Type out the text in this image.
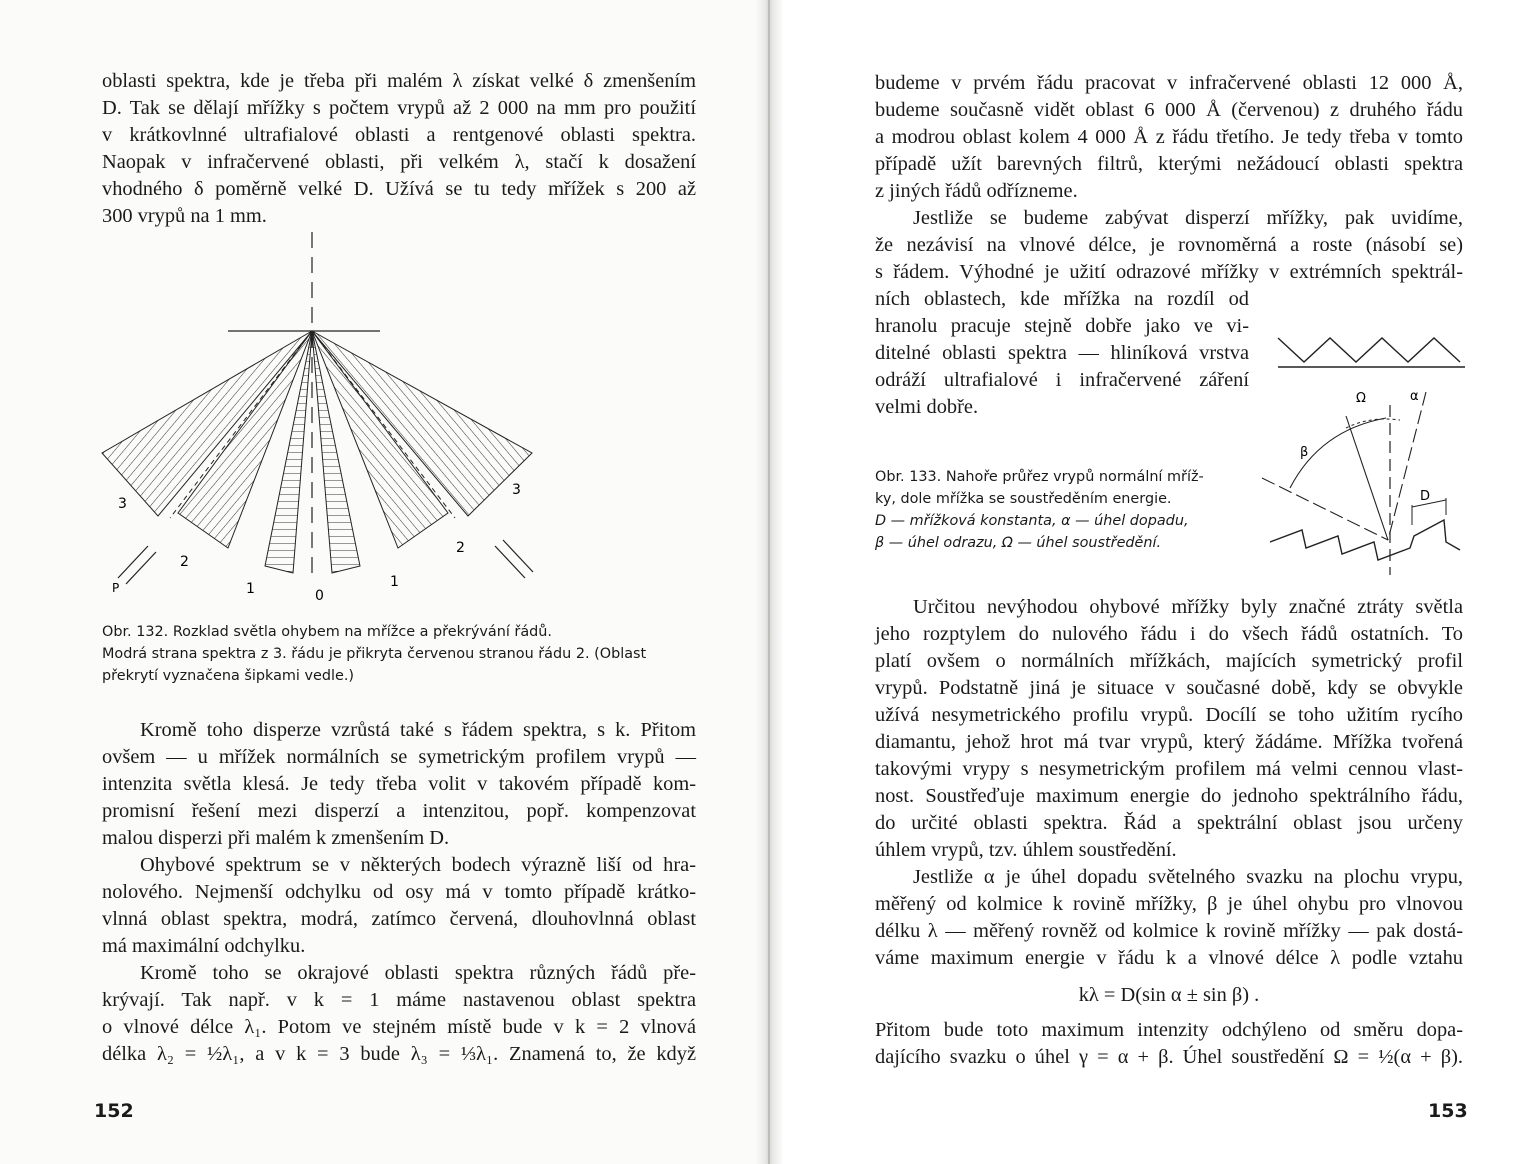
oblasti spektra, kde je třeba při malém λ získat velké δ zmenšením
D. Tak se dělají mřížky s počtem vrypů až 2 000 na mm pro použití
v krátkovlnné ultrafialové oblasti a rentgenové oblasti spektra.
Naopak v infračervené oblasti, při velkém λ, stačí k dosažení
vhodného δ poměrně velké D. Užívá se tu tedy mřížek s 200 až
300 vrypů na 1 mm.

3
2
1	0
1
2
3
P

Obr. 132. Rozklad světla ohybem na mřížce a překrývání řádů.

Modrá strana spektra z 3. řádu je přikryta červenou stranou řádu 2. (Oblast

překrytí vyznačena šipkami vedle.)

Kromě toho disperze vzrůstá také s řádem spektra, s k. Přitom
ovšem — u mřížek normálních se symetrickým profilem vrypů —
intenzita světla klesá. Je tedy třeba volit v takovém případě kom-
promisní řešení mezi disperzí a intenzitou, popř. kompenzovat
malou disperzi při malém k zmenšením D.

Ohybové spektrum se v některých bodech výrazně liší od hra-
nolového. Nejmenší odchylku od osy má v tomto případě krátko-
vlnná oblast spektra, modrá, zatímco červená, dlouhovlnná oblast
má maximální odchylku.

Kromě toho se okrajové oblasti spektra různých řádů pře-
krývají. Tak např. v k = 1 máme nastavenou oblast spektra
o vlnové délce λ₁. Potom ve stejném místě bude v k = 2 vlnová
délka λ₂ = ½λ₁, a v k = 3 bude λ₃ = ⅓λ₁. Znamená to, že když

152

budeme v prvém řádu pracovat v infračervené oblasti 12 000 Å,
budeme současně vidět oblast 6 000 Å (červenou) z druhého řádu
a modrou oblast kolem 4 000 Å z řádu třetího. Je tedy třeba v tomto
případě užít barevných filtrů, kterými nežádoucí oblasti spektra
z jiných řádů odřízneme.

Jestliže se budeme zabývat disperzí mřížky, pak uvidíme,
že nezávisí na vlnové délce, je rovnoměrná a roste (násobí se)
s řádem. Výhodné je užití odrazové mřížky v extrémních spektrál-

ních oblastech, kde mřížka na rozdíl od
hranolu pracuje stejně dobře jako ve vi-
ditelné oblasti spektra — hliníková vrstva
odráží ultrafialové i infračervené záření
velmi dobře.	Ω	α
β
D

Obr. 133. Nahoře průřez vrypů normální mříž-

ky, dole mřížka se soustředěním energie.

D — mřížková konstanta, α — úhel dopadu,

β — úhel odrazu, Ω — úhel soustředění.

Určitou nevýhodou ohybové mřížky byly značné ztráty světla
jeho rozptylem do nulového řádu i do všech řádů ostatních. To
platí ovšem o normálních mřížkách, majících symetrický profil
vrypů. Podstatně jiná je situace v současné době, kdy se obvykle
užívá nesymetrického profilu vrypů. Docílí se toho užitím rycího
diamantu, jehož hrot má tvar vrypů, který žádáme. Mřížka tvořená
takovými vrypy s nesymetrickým profilem má velmi cennou vlast-
nost. Soustřeďuje maximum energie do jednoho spektrálního řádu,
do určité oblasti spektra. Řád a spektrální oblast jsou určeny
úhlem vrypů, tzv. úhlem soustředění.

Jestliže α je úhel dopadu světelného svazku na plochu vrypu,
měřený od kolmice k rovině mřížky, β je úhel ohybu pro vlnovou
délku λ — měřený rovněž od kolmice k rovině mřížky — pak dostá-
váme maximum energie v řádu k a vlnové délce λ podle vztahu

kλ = D(sin α ± sin β) .

Přitom bude toto maximum intenzity odchýleno od směru dopa-
dajícího svazku o úhel γ = α + β. Úhel soustředění Ω = ½(α + β).

153
